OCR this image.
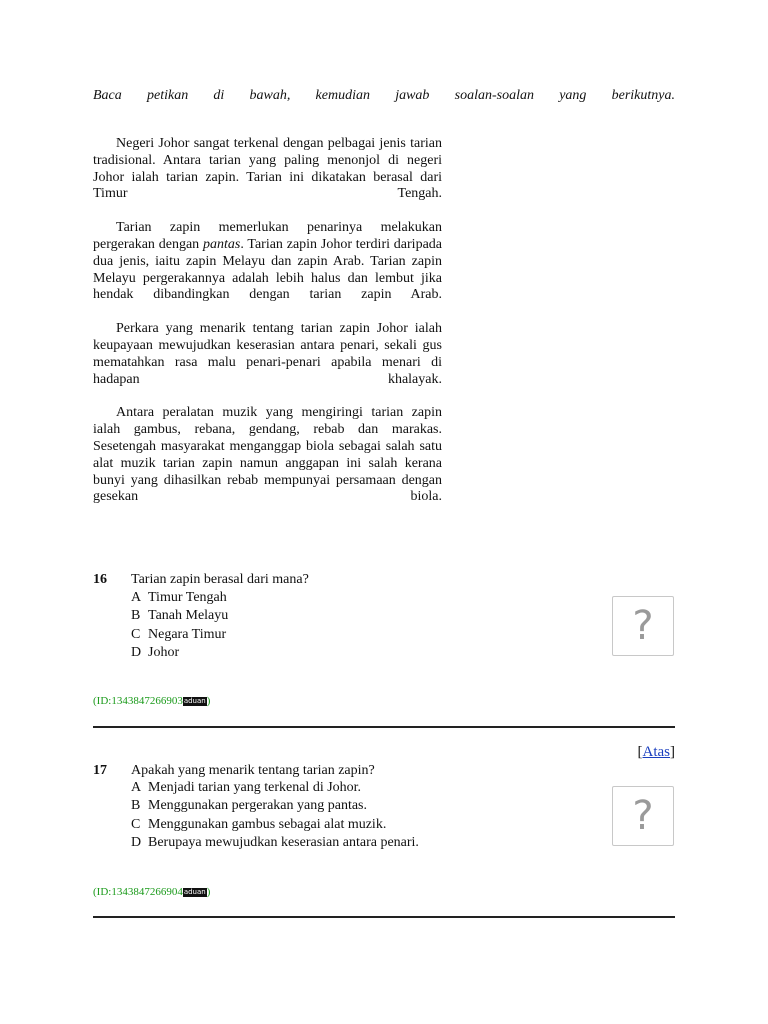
Baca petikan di bawah, kemudian jawab soalan-soalan yang berikutnya.

Negeri Johor sangat terkenal dengan pelbagai jenis tarian tradisional. Antara tarian yang paling menonjol di negeri Johor ialah tarian zapin. Tarian ini dikatakan berasal dari Timur Tengah.

Tarian zapin memerlukan penarinya melakukan pergerakan dengan pantas. Tarian zapin Johor terdiri daripada dua jenis, iaitu zapin Melayu dan zapin Arab. Tarian zapin Melayu pergerakannya adalah lebih halus dan lembut jika hendak dibandingkan dengan tarian zapin Arab.

Perkara yang menarik tentang tarian zapin Johor ialah keupayaan mewujudkan keserasian antara penari, sekali gus mematahkan rasa malu penari-penari apabila menari di hadapan khalayak.

Antara peralatan muzik yang mengiringi tarian zapin ialah gambus, rebana, gendang, rebab dan marakas. Sesetengah masyarakat menganggap biola sebagai salah satu alat muzik tarian zapin namun anggapan ini salah kerana bunyi yang dihasilkan rebab mempunyai persamaan dengan gesekan biola.

16 Tarian zapin berasal dari mana?
A Timur Tengah
B Tanah Melayu
C Negara Timur
D Johor
?
(ID:1343847266903aduan)
[Atas]
17 Apakah yang menarik tentang tarian zapin?
A Menjadi tarian yang terkenal di Johor.
B Menggunakan pergerakan yang pantas.
C Menggunakan gambus sebagai alat muzik.
D Berupaya mewujudkan keserasian antara penari.
?
(ID:1343847266904aduan)
